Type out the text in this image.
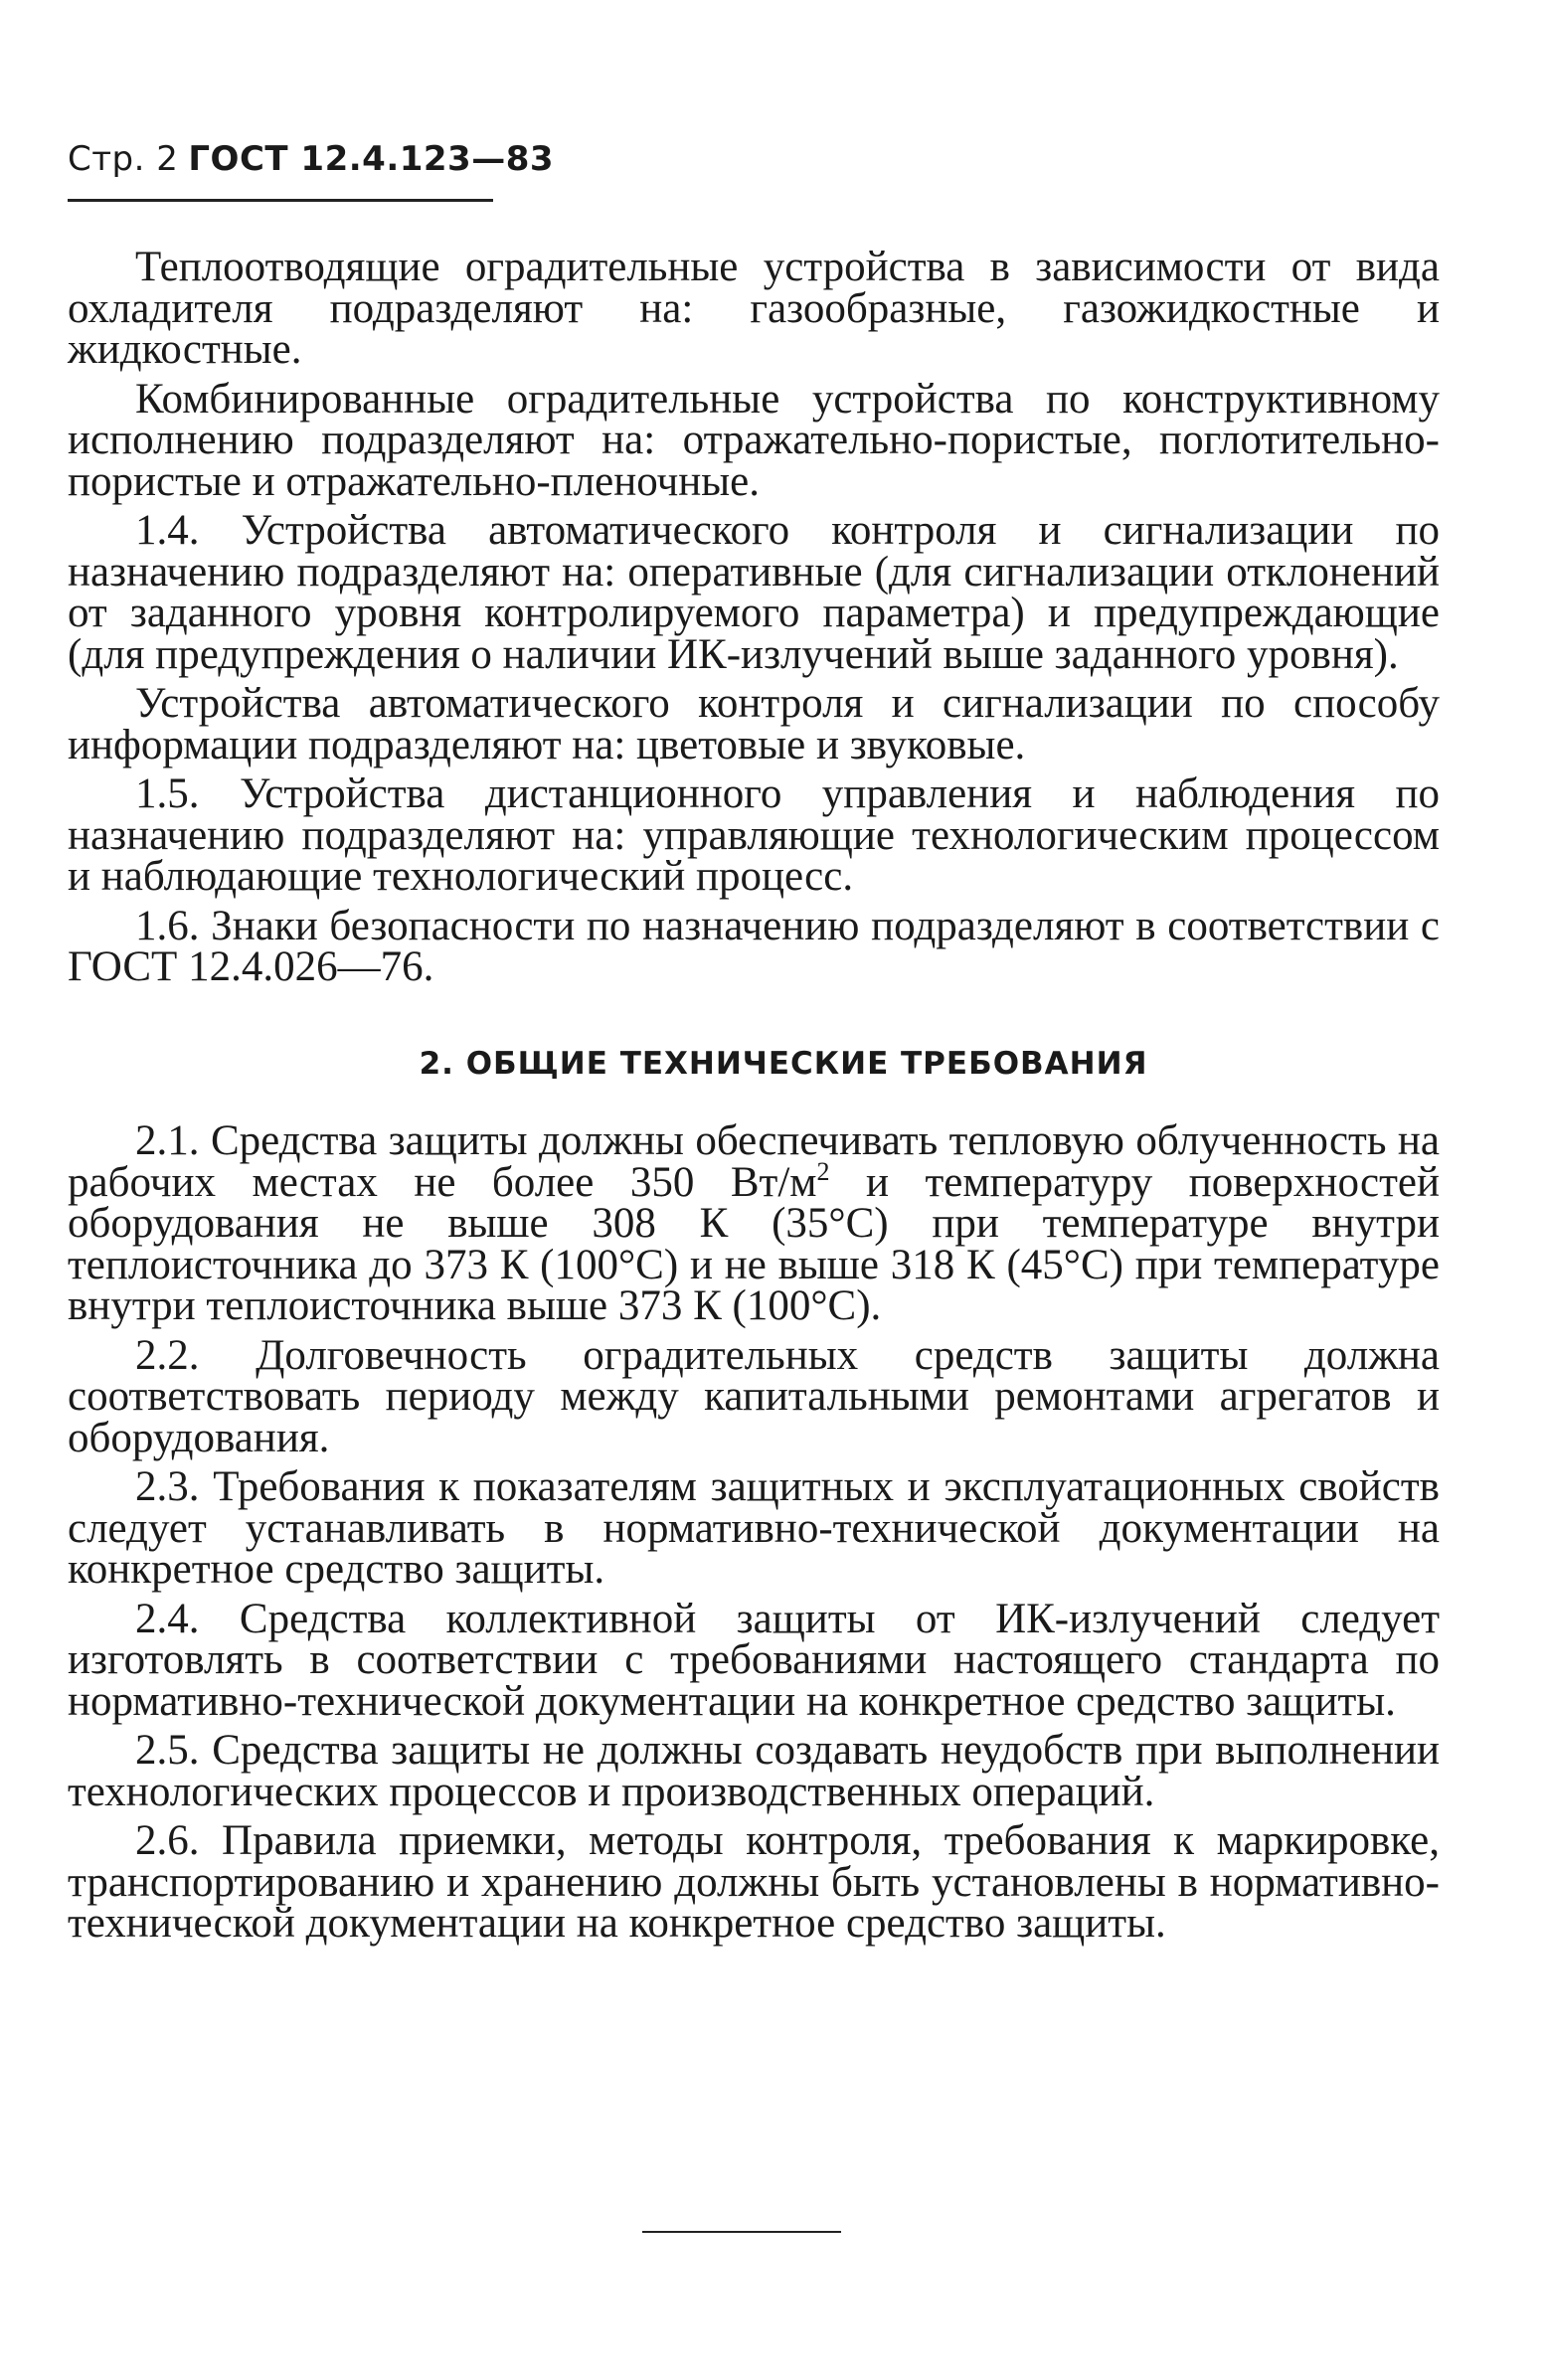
Стр. 2 ГОСТ 12.4.123—83

Теплоотводящие оградительные устройства в зависимости от вида охладителя подразделяют на: газообразные, газожидкостные и жидкостные.

Комбинированные оградительные устройства по конструктивному исполнению подразделяют на: отражательно-пористые, поглотительно-пористые и отражательно-пленочные.

1.4. Устройства автоматического контроля и сигнализации по назначению подразделяют на: оперативные (для сигнализации отклонений от заданного уровня контролируемого параметра) и предупреждающие (для предупреждения о наличии ИК-излучений выше заданного уровня).

Устройства автоматического контроля и сигнализации по способу информации подразделяют на: цветовые и звуковые.

1.5. Устройства дистанционного управления и наблюдения по назначению подразделяют на: управляющие технологическим процессом и наблюдающие технологический процесс.

1.6. Знаки безопасности по назначению подразделяют в соответствии с ГОСТ 12.4.026—76.

2. ОБЩИЕ ТЕХНИЧЕСКИЕ ТРЕБОВАНИЯ

2.1. Средства защиты должны обеспечивать тепловую облученность на рабочих местах не более 350 $Вт/м^2$ и температуру поверхностей оборудования не выше 308 К (35°С) при температуре внутри теплоисточника до 373 К (100°С) и не выше 318 К (45°С) при температуре внутри теплоисточника выше 373 К (100°С).

2.2. Долговечность оградительных средств защиты должна соответствовать периоду между капитальными ремонтами агрегатов и оборудования.

2.3. Требования к показателям защитных и эксплуатационных свойств следует устанавливать в нормативно-технической документации на конкретное средство защиты.

2.4. Средства коллективной защиты от ИК-излучений следует изготовлять в соответствии с требованиями настоящего стандарта по нормативно-технической документации на конкретное средство защиты.

2.5. Средства защиты не должны создавать неудобств при выполнении технологических процессов и производственных операций.

2.6. Правила приемки, методы контроля, требования к маркировке, транспортированию и хранению должны быть установлены в нормативно-технической документации на конкретное средство защиты.
